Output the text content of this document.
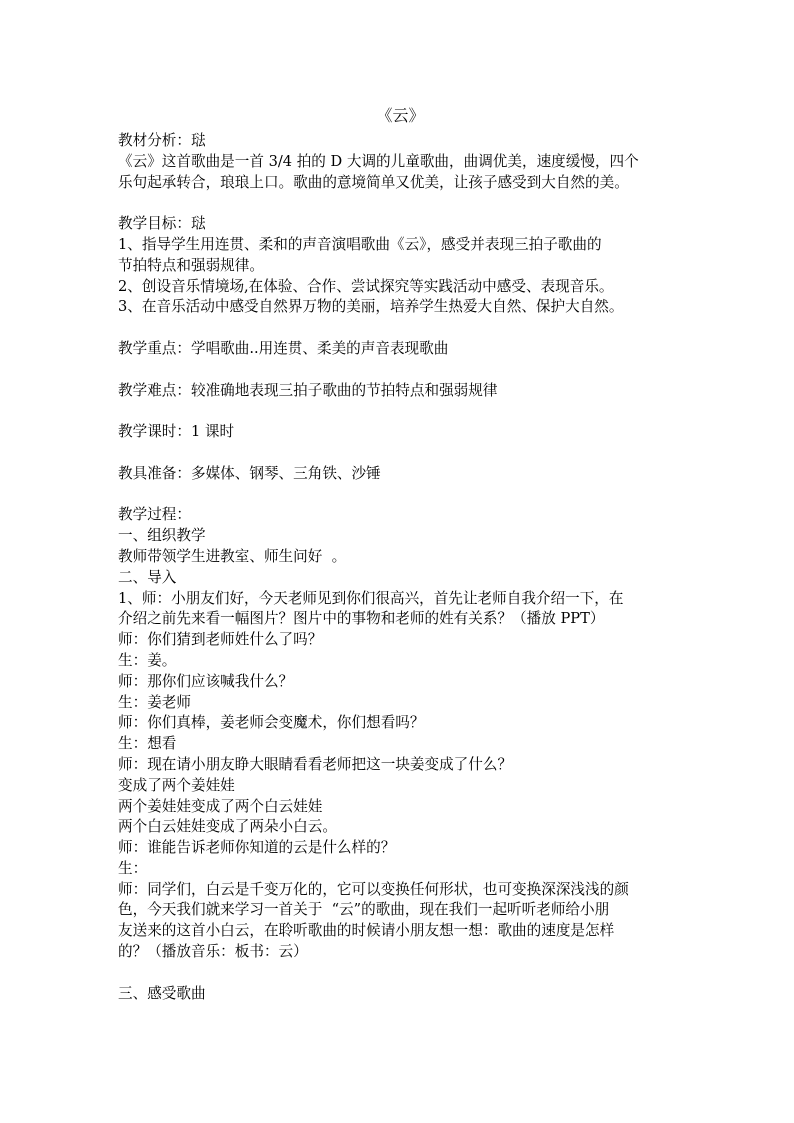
《云》
教材分析：琺
《云》这首歌曲是一首 3/4 拍的 D 大调的儿童歌曲，曲调优美，速度缓慢，四个
乐句起承转合，琅琅上口。歌曲的意境简单又优美，让孩子感受到大自然的美。
教学目标：琺
1、指导学生用连贯、柔和的声音演唱歌曲《云》，感受并表现三拍子歌曲的
节拍特点和强弱规律。
2、创设音乐情境场,在体验、合作、尝试探究等实践活动中感受、表现音乐。
3、在音乐活动中感受自然界万物的美丽，培养学生热爱大自然、保护大自然。
教学重点：学唱歌曲..用连贯、柔美的声音表现歌曲
教学难点：较准确地表现三拍子歌曲的节拍特点和强弱规律
教学课时：1 课时
教具准备：多媒体、钢琴、三角铁、沙锤
教学过程：
一、组织教学
教师带领学生进教室、师生问好  。
二、导入
1、师：小朋友们好，今天老师见到你们很高兴，首先让老师自我介绍一下，在
介绍之前先来看一幅图片？图片中的事物和老师的姓有关系？（播放 PPT）
师：你们猜到老师姓什么了吗？
生：姜。
师：那你们应该喊我什么？
生：姜老师
师：你们真棒，姜老师会变魔术，你们想看吗？
生：想看
师：现在请小朋友睁大眼睛看看老师把这一块姜变成了什么？
变成了两个姜娃娃
两个姜娃娃变成了两个白云娃娃
两个白云娃娃变成了两朵小白云。
师：谁能告诉老师你知道的云是什么样的？
生：
师：同学们，白云是千变万化的，它可以变换任何形状，也可变换深深浅浅的颜
色，今天我们就来学习一首关于  “云”的歌曲，现在我们一起听听老师给小朋
友送来的这首小白云，在聆听歌曲的时候请小朋友想一想：歌曲的速度是怎样
的？（播放音乐：板书：云）
三、感受歌曲
